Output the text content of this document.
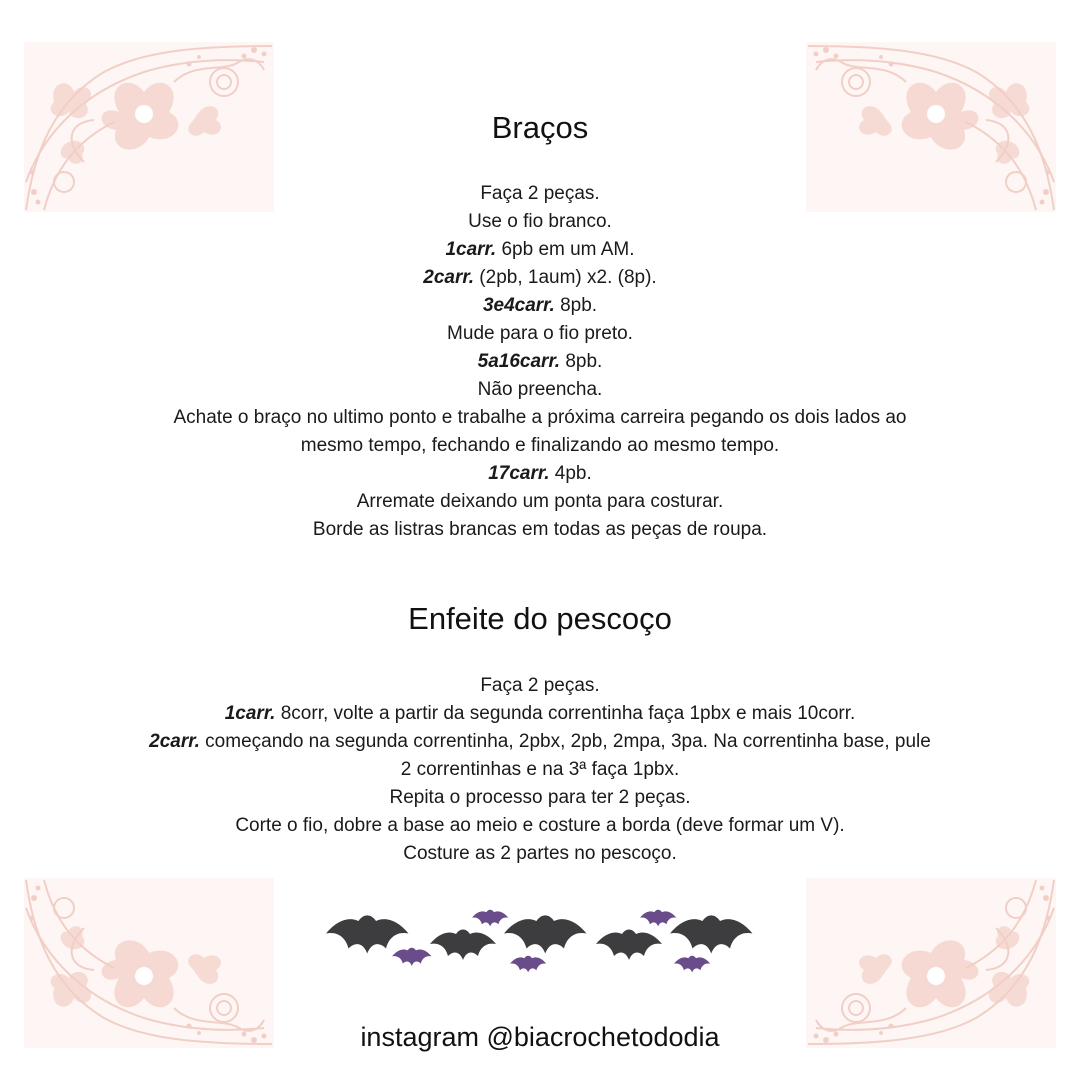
Braços

Faça 2 peças.

Use o fio branco.

1carr. 6pb em um AM.

2carr. (2pb, 1aum) x2. (8p).

3e4carr. 8pb.

Mude para o fio preto.

5a16carr. 8pb.

Não preencha.

Achate o braço no ultimo ponto e trabalhe a próxima carreira pegando os dois lados ao

mesmo tempo, fechando e finalizando ao mesmo tempo.

17carr. 4pb.

Arremate deixando um ponta para costurar.

Borde as listras brancas em todas as peças de roupa.

Enfeite do pescoço

Faça 2 peças.

1carr. 8corr, volte a partir da segunda correntinha faça 1pbx e mais 10corr.

2carr. começando na segunda correntinha, 2pbx, 2pb, 2mpa, 3pa. Na correntinha base, pule

2 correntinhas e na 3ª faça 1pbx.

Repita o processo para ter 2 peças.

Corte o fio, dobre a base ao meio e costure a borda (deve formar um V).

Costure as 2 partes no pescoço.

instagram @biacrochetododia
